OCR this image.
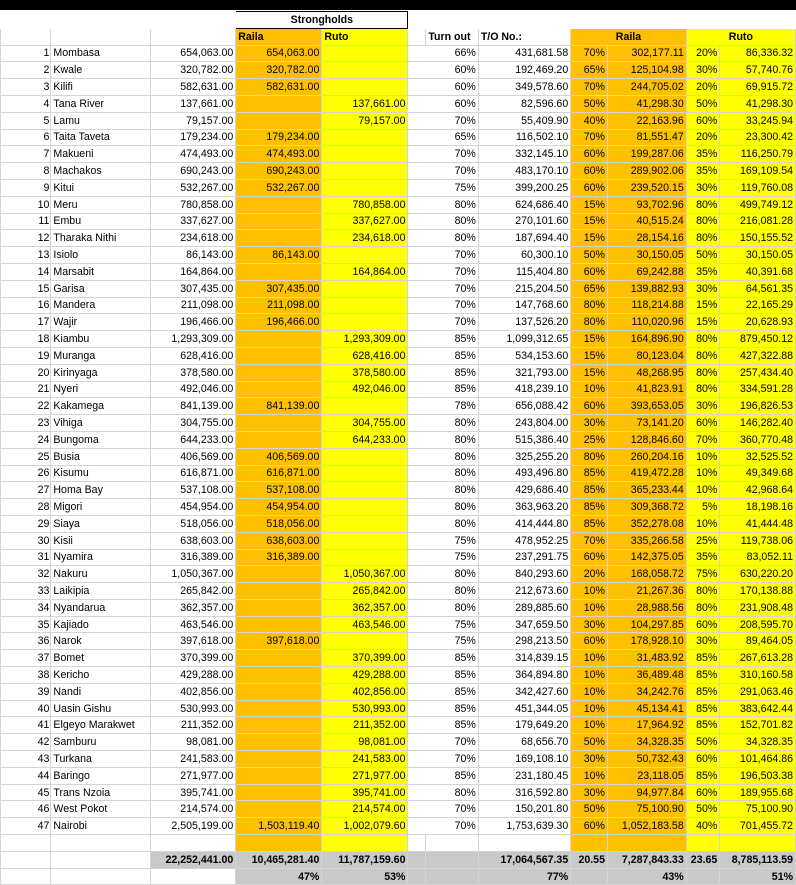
			Strongholds								
			Raila	Ruto		Turn out	T/O No.:	Raila		Ruto	
1	Mombasa	654,063.00	654,063.00		66%		431,681.58	70%	302,177.11	20%	86,336.32
2	Kwale	320,782.00	320,782.00		60%		192,469.20	65%	125,104.98	30%	57,740.76
3	Kilifi	582,631.00	582,631.00		60%		349,578.60	70%	244,705.02	20%	69,915.72
4	Tana River	137,661.00		137,661.00	60%		82,596.60	50%	41,298.30	50%	41,298.30
5	Lamu	79,157.00		79,157.00	70%		55,409.90	40%	22,163.96	60%	33,245.94
6	Taita Taveta	179,234.00	179,234.00		65%		116,502.10	70%	81,551.47	20%	23,300.42
7	Makueni	474,493.00	474,493.00		70%		332,145.10	60%	199,287.06	35%	116,250.79
8	Machakos	690,243.00	690,243.00		70%		483,170.10	60%	289,902.06	35%	169,109.54
9	Kitui	532,267.00	532,267.00		75%		399,200.25	60%	239,520.15	30%	119,760.08
10	Meru	780,858.00		780,858.00	80%		624,686.40	15%	93,702.96	80%	499,749.12
11	Embu	337,627.00		337,627.00	80%		270,101.60	15%	40,515.24	80%	216,081.28
12	Tharaka Nithi	234,618.00		234,618.00	80%		187,694.40	15%	28,154.16	80%	150,155.52
13	Isiolo	86,143.00	86,143.00		70%		60,300.10	50%	30,150.05	50%	30,150.05
14	Marsabit	164,864.00		164,864.00	70%		115,404.80	60%	69,242.88	35%	40,391.68
15	Garisa	307,435.00	307,435.00		70%		215,204.50	65%	139,882.93	30%	64,561.35
16	Mandera	211,098.00	211,098.00		70%		147,768.60	80%	118,214.88	15%	22,165.29
17	Wajir	196,466.00	196,466.00		70%		137,526.20	80%	110,020.96	15%	20,628.93
18	Kiambu	1,293,309.00		1,293,309.00	85%		1,099,312.65	15%	164,896.90	80%	879,450.12
19	Muranga	628,416.00		628,416.00	85%		534,153.60	15%	80,123.04	80%	427,322.88
20	Kirinyaga	378,580.00		378,580.00	85%		321,793.00	15%	48,268.95	80%	257,434.40
21	Nyeri	492,046.00		492,046.00	85%		418,239.10	10%	41,823.91	80%	334,591.28
22	Kakamega	841,139.00	841,139.00		78%		656,088.42	60%	393,653.05	30%	196,826.53
23	Vihiga	304,755.00		304,755.00	80%		243,804.00	30%	73,141.20	60%	146,282.40
24	Bungoma	644,233.00		644,233.00	80%		515,386.40	25%	128,846.60	70%	360,770.48
25	Busia	406,569.00	406,569.00		80%		325,255.20	80%	260,204.16	10%	32,525.52
26	Kisumu	616,871.00	616,871.00		80%		493,496.80	85%	419,472.28	10%	49,349.68
27	Homa Bay	537,108.00	537,108.00		80%		429,686.40	85%	365,233.44	10%	42,968.64
28	Migori	454,954.00	454,954.00		80%		363,963.20	85%	309,368.72	5%	18,198.16
29	Siaya	518,056.00	518,056.00		80%		414,444.80	85%	352,278.08	10%	41,444.48
30	Kisii	638,603.00	638,603.00		75%		478,952.25	70%	335,266.58	25%	119,738.06
31	Nyamira	316,389.00	316,389.00		75%		237,291.75	60%	142,375.05	35%	83,052.11
32	Nakuru	1,050,367.00		1,050,367.00	80%		840,293.60	20%	168,058.72	75%	630,220.20
33	Laikipia	265,842.00		265,842.00	80%		212,673.60	10%	21,267.36	80%	170,138.88
34	Nyandarua	362,357.00		362,357.00	80%		289,885.60	10%	28,988.56	80%	231,908.48
35	Kajiado	463,546.00		463,546.00	75%		347,659.50	30%	104,297.85	60%	208,595.70
36	Narok	397,618.00	397,618.00		75%		298,213.50	60%	178,928.10	30%	89,464.05
37	Bomet	370,399.00		370,399.00	85%		314,839.15	10%	31,483.92	85%	267,613.28
38	Kericho	429,288.00		429,288.00	85%		364,894.80	10%	36,489.48	85%	310,160.58
39	Nandi	402,856.00		402,856.00	85%		342,427.60	10%	34,242.76	85%	291,063.46
40	Uasin Gishu	530,993.00		530,993.00	85%		451,344.05	10%	45,134.41	85%	383,642.44
41	Elgeyo Marakwet	211,352.00		211,352.00	85%		179,649.20	10%	17,964.92	85%	152,701.82
42	Samburu	98,081.00		98,081.00	70%		68,656.70	50%	34,328.35	50%	34,328.35
43	Turkana	241,583.00		241,583.00	70%		169,108.10	30%	50,732.43	60%	101,464.86
44	Baringo	271,977.00		271,977.00	85%		231,180.45	10%	23,118.05	85%	196,503.38
45	Trans Nzoia	395,741.00		395,741.00	80%		316,592.80	30%	94,977.84	60%	189,955.68
46	West Pokot	214,574.00		214,574.00	70%		150,201.80	50%	75,100.90	50%	75,100.90
47	Nairobi	2,505,199.00	1,503,119.40	1,002,079.60	70%		1,753,639.30	60%	1,052,183.58	40%	701,455.72

		22,252,441.00	10,465,281.40	11,787,159.60			17,064,567.35	20.55	7,287,843.33	23.65	8,785,113.59
			47%	53%			77%		43%		51%
